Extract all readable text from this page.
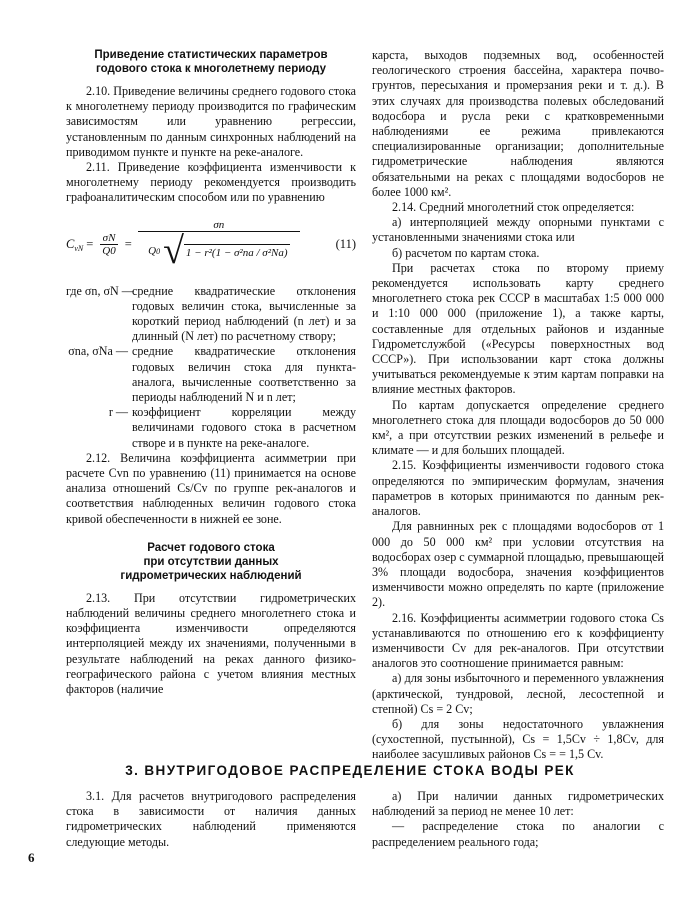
Приведение статистических параметров
годового стока к многолетнему периоду

2.10. Приведение величины среднего годового стока к многолетнему периоду производится по графическим зависимостям или уравнению регрессии, установленным по данным синхронных наблюдений на приводимом пункте и пункте на реке-аналоге.

2.11. Приведение коэффициента изменчивости к многолетнему периоду рекомендуется производить графоаналитическим способом или по уравнению

$C_{vN} = \frac{\sigma N}{Q0} = \frac{\sigma n}{\text{Q 0 √ 1 − r²(1 − σ²na / σ²Na)}}$	(11)
где σn, σN —
средние квадратические отклонения годовых величин стока, вычисленные за короткий период наблюдений (n лет) и за длинный (N лет) по расчетному створу;
σna, σNa — средние квадратические отклонения годовых величин стока для пункта-аналога, вычисленные соответственно за периоды наблюдений N и n лет;
r — коэффициент корреляции между величинами годового стока в расчетном створе и в пункте на реке-аналоге.

2.12. Величина коэффициента асимметрии при расчете Cvn по уравнению (11) принимается на основе анализа отношений Cs/Cv по группе рек-аналогов и соответствия наблюденных величин годового стока кривой обеспеченности в нижней ее зоне.

Расчет годового стока
при отсутствии данных
гидрометрических наблюдений

2.13. При отсутствии гидрометрических наблюдений величины среднего многолетнего стока и коэффициента изменчивости определяются интерполяцией между их значениями, полученными в результате наблюдений на реках данного физико-географического района с учетом влияния местных факторов (наличие

карста, выходов подземных вод, особенностей геологического строения бассейна, характера почво-грунтов, пересыхания и промерзания реки и т. д.). В этих случаях для производства полевых обследований водосбора и русла реки с кратковременными наблюдениями ее режима привлекаются специализированные организации; дополнительные гидрометрические наблюдения являются обязательными на реках с площадями водосборов не более 1000 км².

2.14. Средний многолетний сток определяется:

а) интерполяцией между опорными пунктами с установленными значениями стока или

б) расчетом по картам стока.

При расчетах стока по второму приему рекомендуется использовать карту среднего многолетнего стока рек СССР в масштабах 1:5 000 000 и 1:10 000 000 (приложение 1), а также карты, составленные для отдельных районов и изданные Гидрометслужбой («Ресурсы поверхностных вод СССР»). При использовании карт стока должны учитываться рекомендуемые к этим картам поправки на влияние местных факторов.

По картам допускается определение среднего многолетнего стока для площади водосборов до 50 000 км², а при отсутствии резких изменений в рельефе и климате — и для больших площадей.

2.15. Коэффициенты изменчивости годового стока определяются по эмпирическим формулам, значения параметров в которых принимаются по данным рек-аналогов.

Для равнинных рек с площадями водосборов от 1 000 до 50 000 км² при условии отсутствия на водосборах озер с суммарной площадью, превышающей 3% площади водосбора, значения коэффициентов изменчивости можно определять по карте (приложение 2).

2.16. Коэффициенты асимметрии годового стока Cs устанавливаются по отношению его к коэффициенту изменчивости Cv для рек-аналогов. При отсутствии аналогов это соотношение принимается равным:

а) для зоны избыточного и переменного увлажнения (арктической, тундровой, лесной, лесостепной и степной) Cs = 2 Cv;

б) для зоны недостаточного увлажнения (сухостепной, пустынной), Cs = 1,5Cv ÷ 1,8Cv, для наиболее засушливых районов Cs = = 1,5 Cv.

3. ВНУТРИГОДОВОЕ РАСПРЕДЕЛЕНИЕ СТОКА ВОДЫ РЕК

3.1. Для расчетов внутригодового распределения стока в зависимости от наличия данных гидрометрических наблюдений применяются следующие методы.

а) При наличии данных гидрометрических наблюдений за период не менее 10 лет:

— распределение стока по аналогии с распределением реального года;

6
